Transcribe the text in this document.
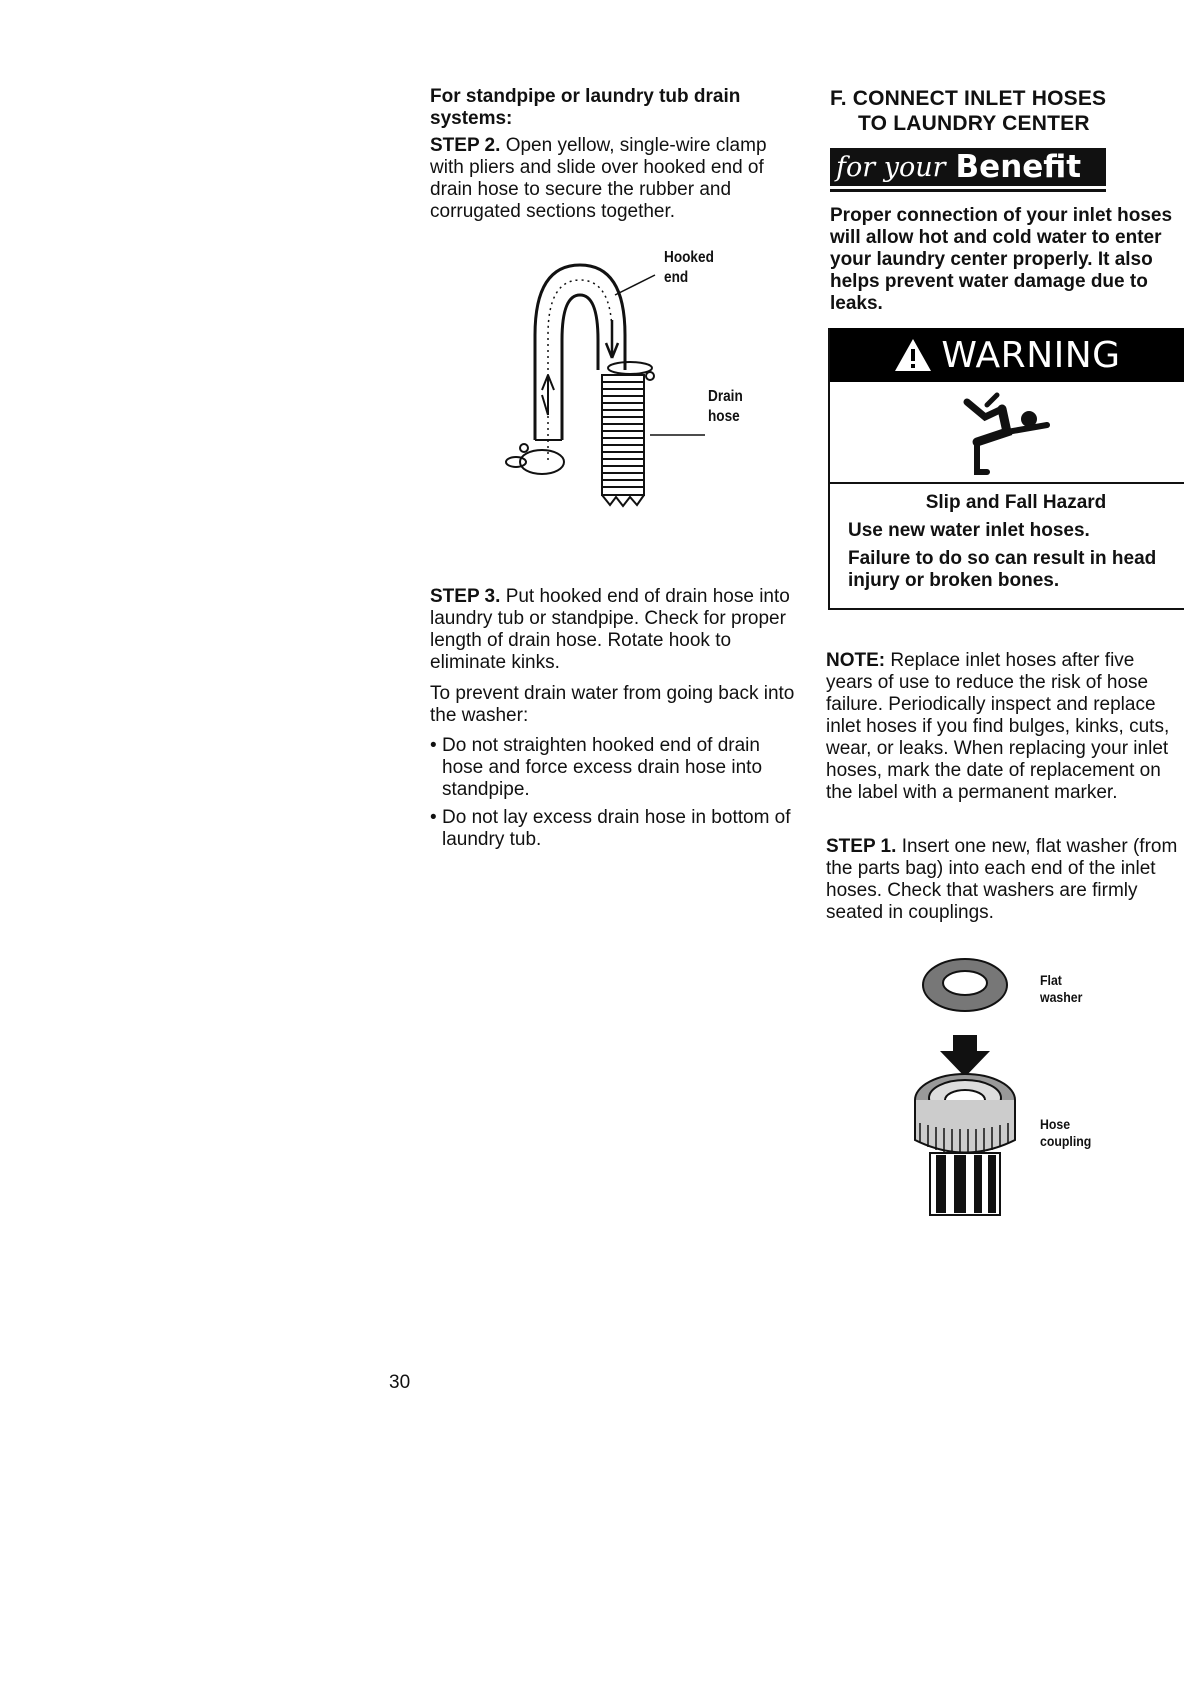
For standpipe or laundry tub drain systems:
STEP 2. Open yellow, single-wire clamp with pliers and slide over hooked end of drain hose to secure the rubber and corrugated sections together.
Hooked end
Drain hose
STEP 3. Put hooked end of drain hose into laundry tub or standpipe. Check for proper length of drain hose. Rotate hook to eliminate kinks.
To prevent drain water from going back into the washer:
• Do not straighten hooked end of drain hose and force excess drain hose into standpipe.
• Do not lay excess drain hose in bottom of laundry tub.
F. CONNECT INLET HOSES
TO LAUNDRY CENTER
for your Benefit
Proper connection of your inlet hoses will allow hot and cold water to enter your laundry center properly. It also helps prevent water damage due to leaks.
WARNING
Slip and Fall Hazard
Use new water inlet hoses.
Failure to do so can result in head injury or broken bones.
NOTE: Replace inlet hoses after five years of use to reduce the risk of hose failure. Periodically inspect and replace inlet hoses if you find bulges, kinks, cuts, wear, or leaks. When replacing your inlet hoses, mark the date of replacement on the label with a permanent marker.
STEP 1. Insert one new, flat washer (from the parts bag) into each end of the inlet hoses. Check that washers are firmly seated in couplings.
Flat washer
Hose coupling
30
